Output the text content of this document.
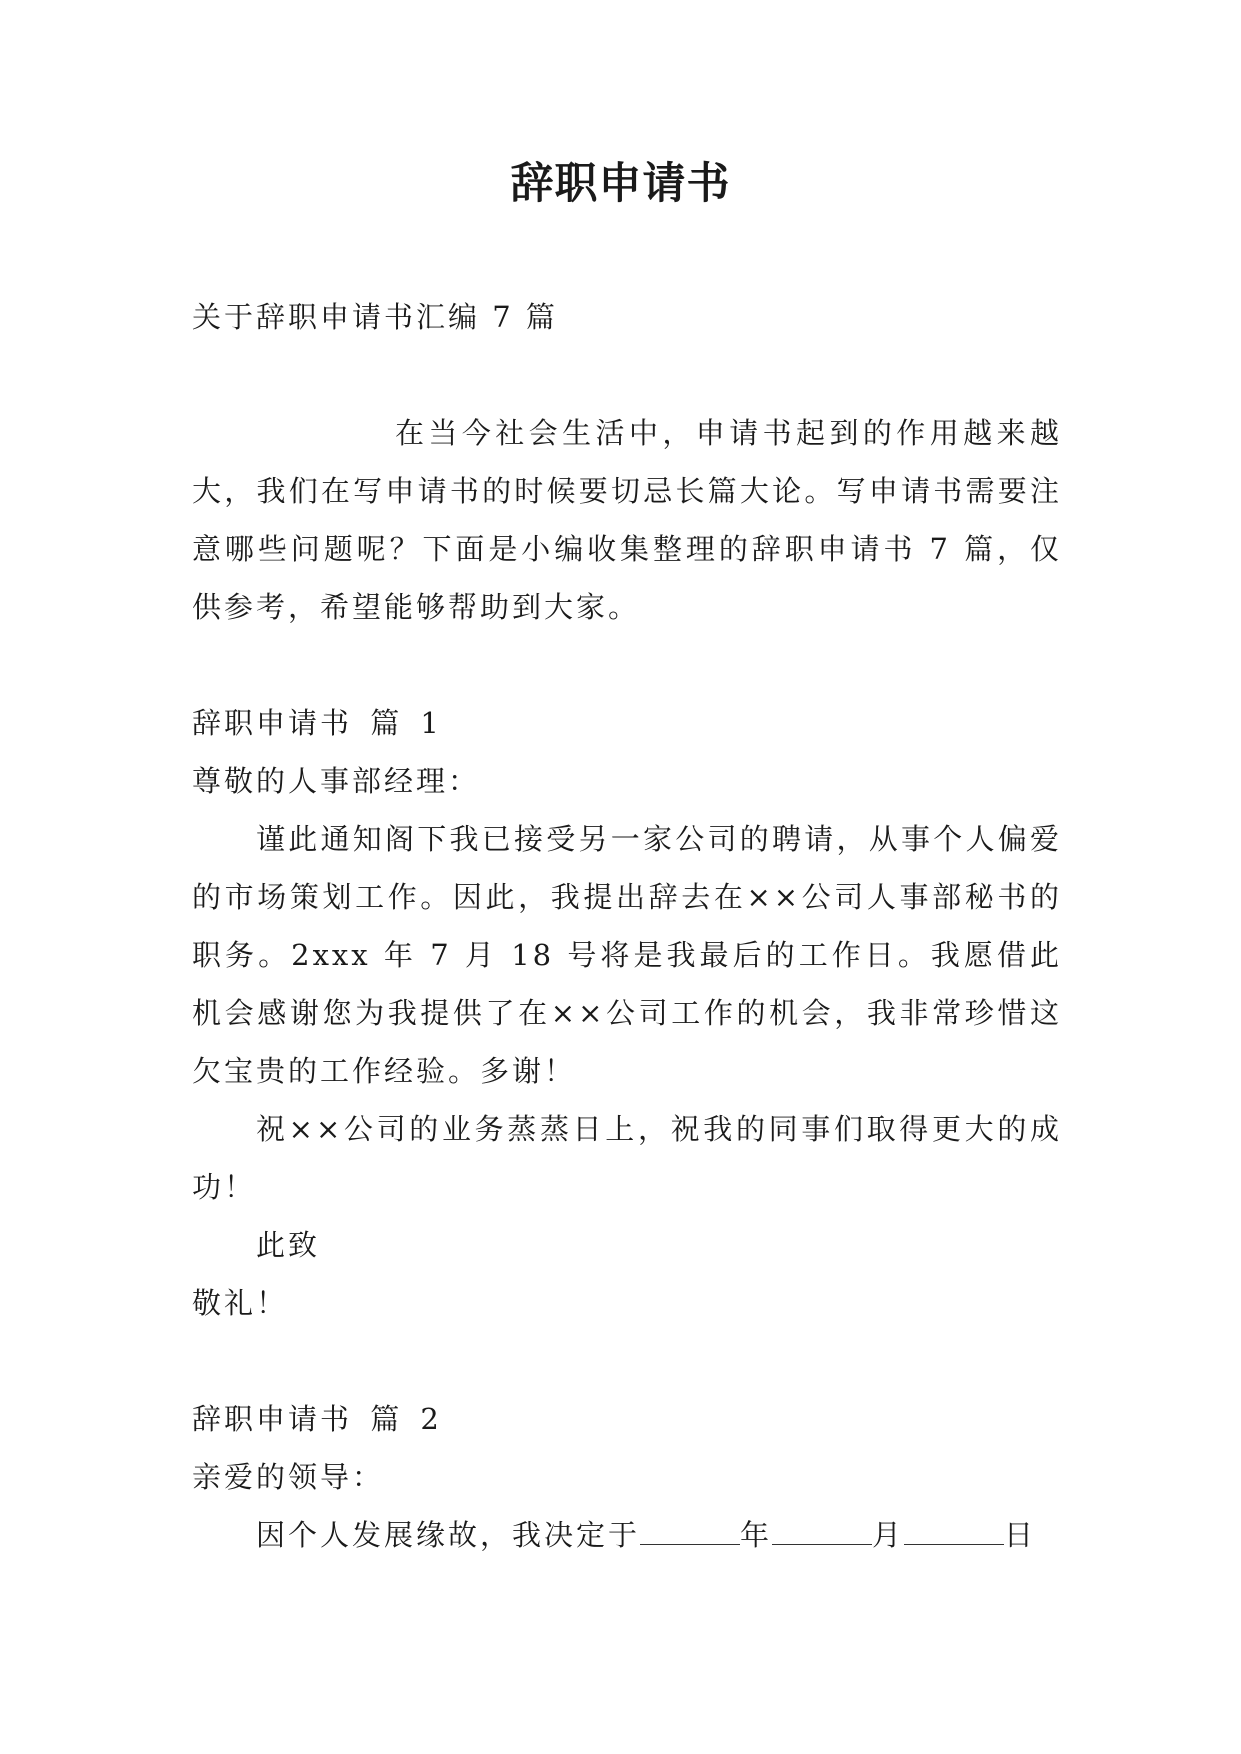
辞职申请书

关于辞职申请书汇编 7 篇

在当今社会生活中，申请书起到的作用越来越大，我们在写申请书的时候要切忌长篇大论。写申请书需要注意哪些问题呢？下面是小编收集整理的辞职申请书 7 篇，仅供参考，希望能够帮助到大家。

辞职申请书 篇 1

尊敬的人事部经理：

谨此通知阁下我已接受另一家公司的聘请，从事个人偏爱的市场策划工作。因此，我提出辞去在××公司人事部秘书的职务。2xxx 年 7 月 18 号将是我最后的工作日。我愿借此机会感谢您为我提供了在××公司工作的机会，我非常珍惜这欠宝贵的工作经验。多谢！

祝××公司的业务蒸蒸日上，祝我的同事们取得更大的成功！

此致

敬礼！

辞职申请书 篇 2

亲爱的领导：

因个人发展缘故，我决定于	年	月	日
